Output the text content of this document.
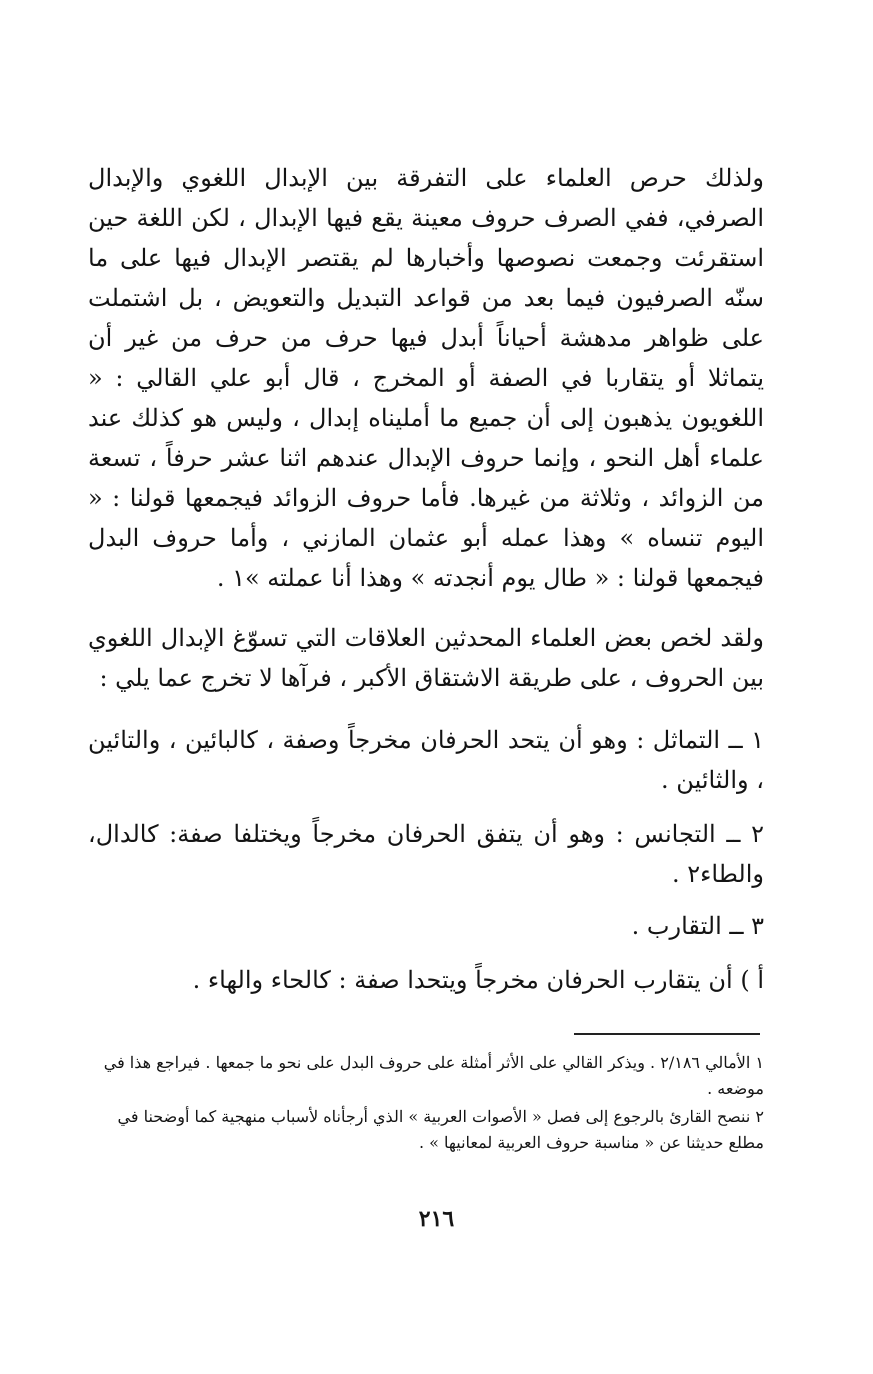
ولذلك حرص العلماء على التفرقة بين الإبدال اللغوي والإبدال الصرفي، ففي الصرف حروف معينة يقع فيها الإبدال ، لكن اللغة حين استقرئت وجمعت نصوصها وأخبارها لم يقتصر الإبدال فيها على ما سنّه الصرفيون فيما بعد من قواعد التبديل والتعويض ، بل اشتملت على ظواهر مدهشة أحياناً أبدل فيها حرف من حرف من غير أن يتماثلا أو يتقاربا في الصفة أو المخرج ، قال أبو علي القالي : « اللغويون يذهبون إلى أن جميع ما أمليناه إبدال ، وليس هو كذلك عند علماء أهل النحو ، وإنما حروف الإبدال عندهم اثنا عشر حرفاً ، تسعة من الزوائد ، وثلاثة من غيرها. فأما حروف الزوائد فيجمعها قولنا : « اليوم تنساه » وهذا عمله أبو عثمان المازني ، وأما حروف البدل فيجمعها قولنا : « طال يوم أنجدته » وهذا أنا عملته »١ .

ولقد لخص بعض العلماء المحدثين العلاقات التي تسوّغ الإبدال اللغوي بين الحروف ، على طريقة الاشتقاق الأكبر ، فرآها لا تخرج عما يلي :

١ ــ التماثل : وهو أن يتحد الحرفان مخرجاً وصفة ، كالبائين ، والتائين ، والثائين .

٢ ــ التجانس : وهو أن يتفق الحرفان مخرجاً ويختلفا صفة: كالدال، والطاء٢ .

٣ ــ التقارب .

أ ) أن يتقارب الحرفان مخرجاً ويتحدا صفة : كالحاء والهاء .

١ الأمالي ٢/١٨٦ . ويذكر القالي على الأثر أمثلة على حروف البدل على نحو ما جمعها . فيراجع هذا في موضعه .
٢ ننصح القارئ بالرجوع إلى فصل « الأصوات العربية » الذي أرجأناه لأسباب منهجية كما أوضحنا في مطلع حديثنا عن « مناسبة حروف العربية لمعانيها » .
٢١٦
